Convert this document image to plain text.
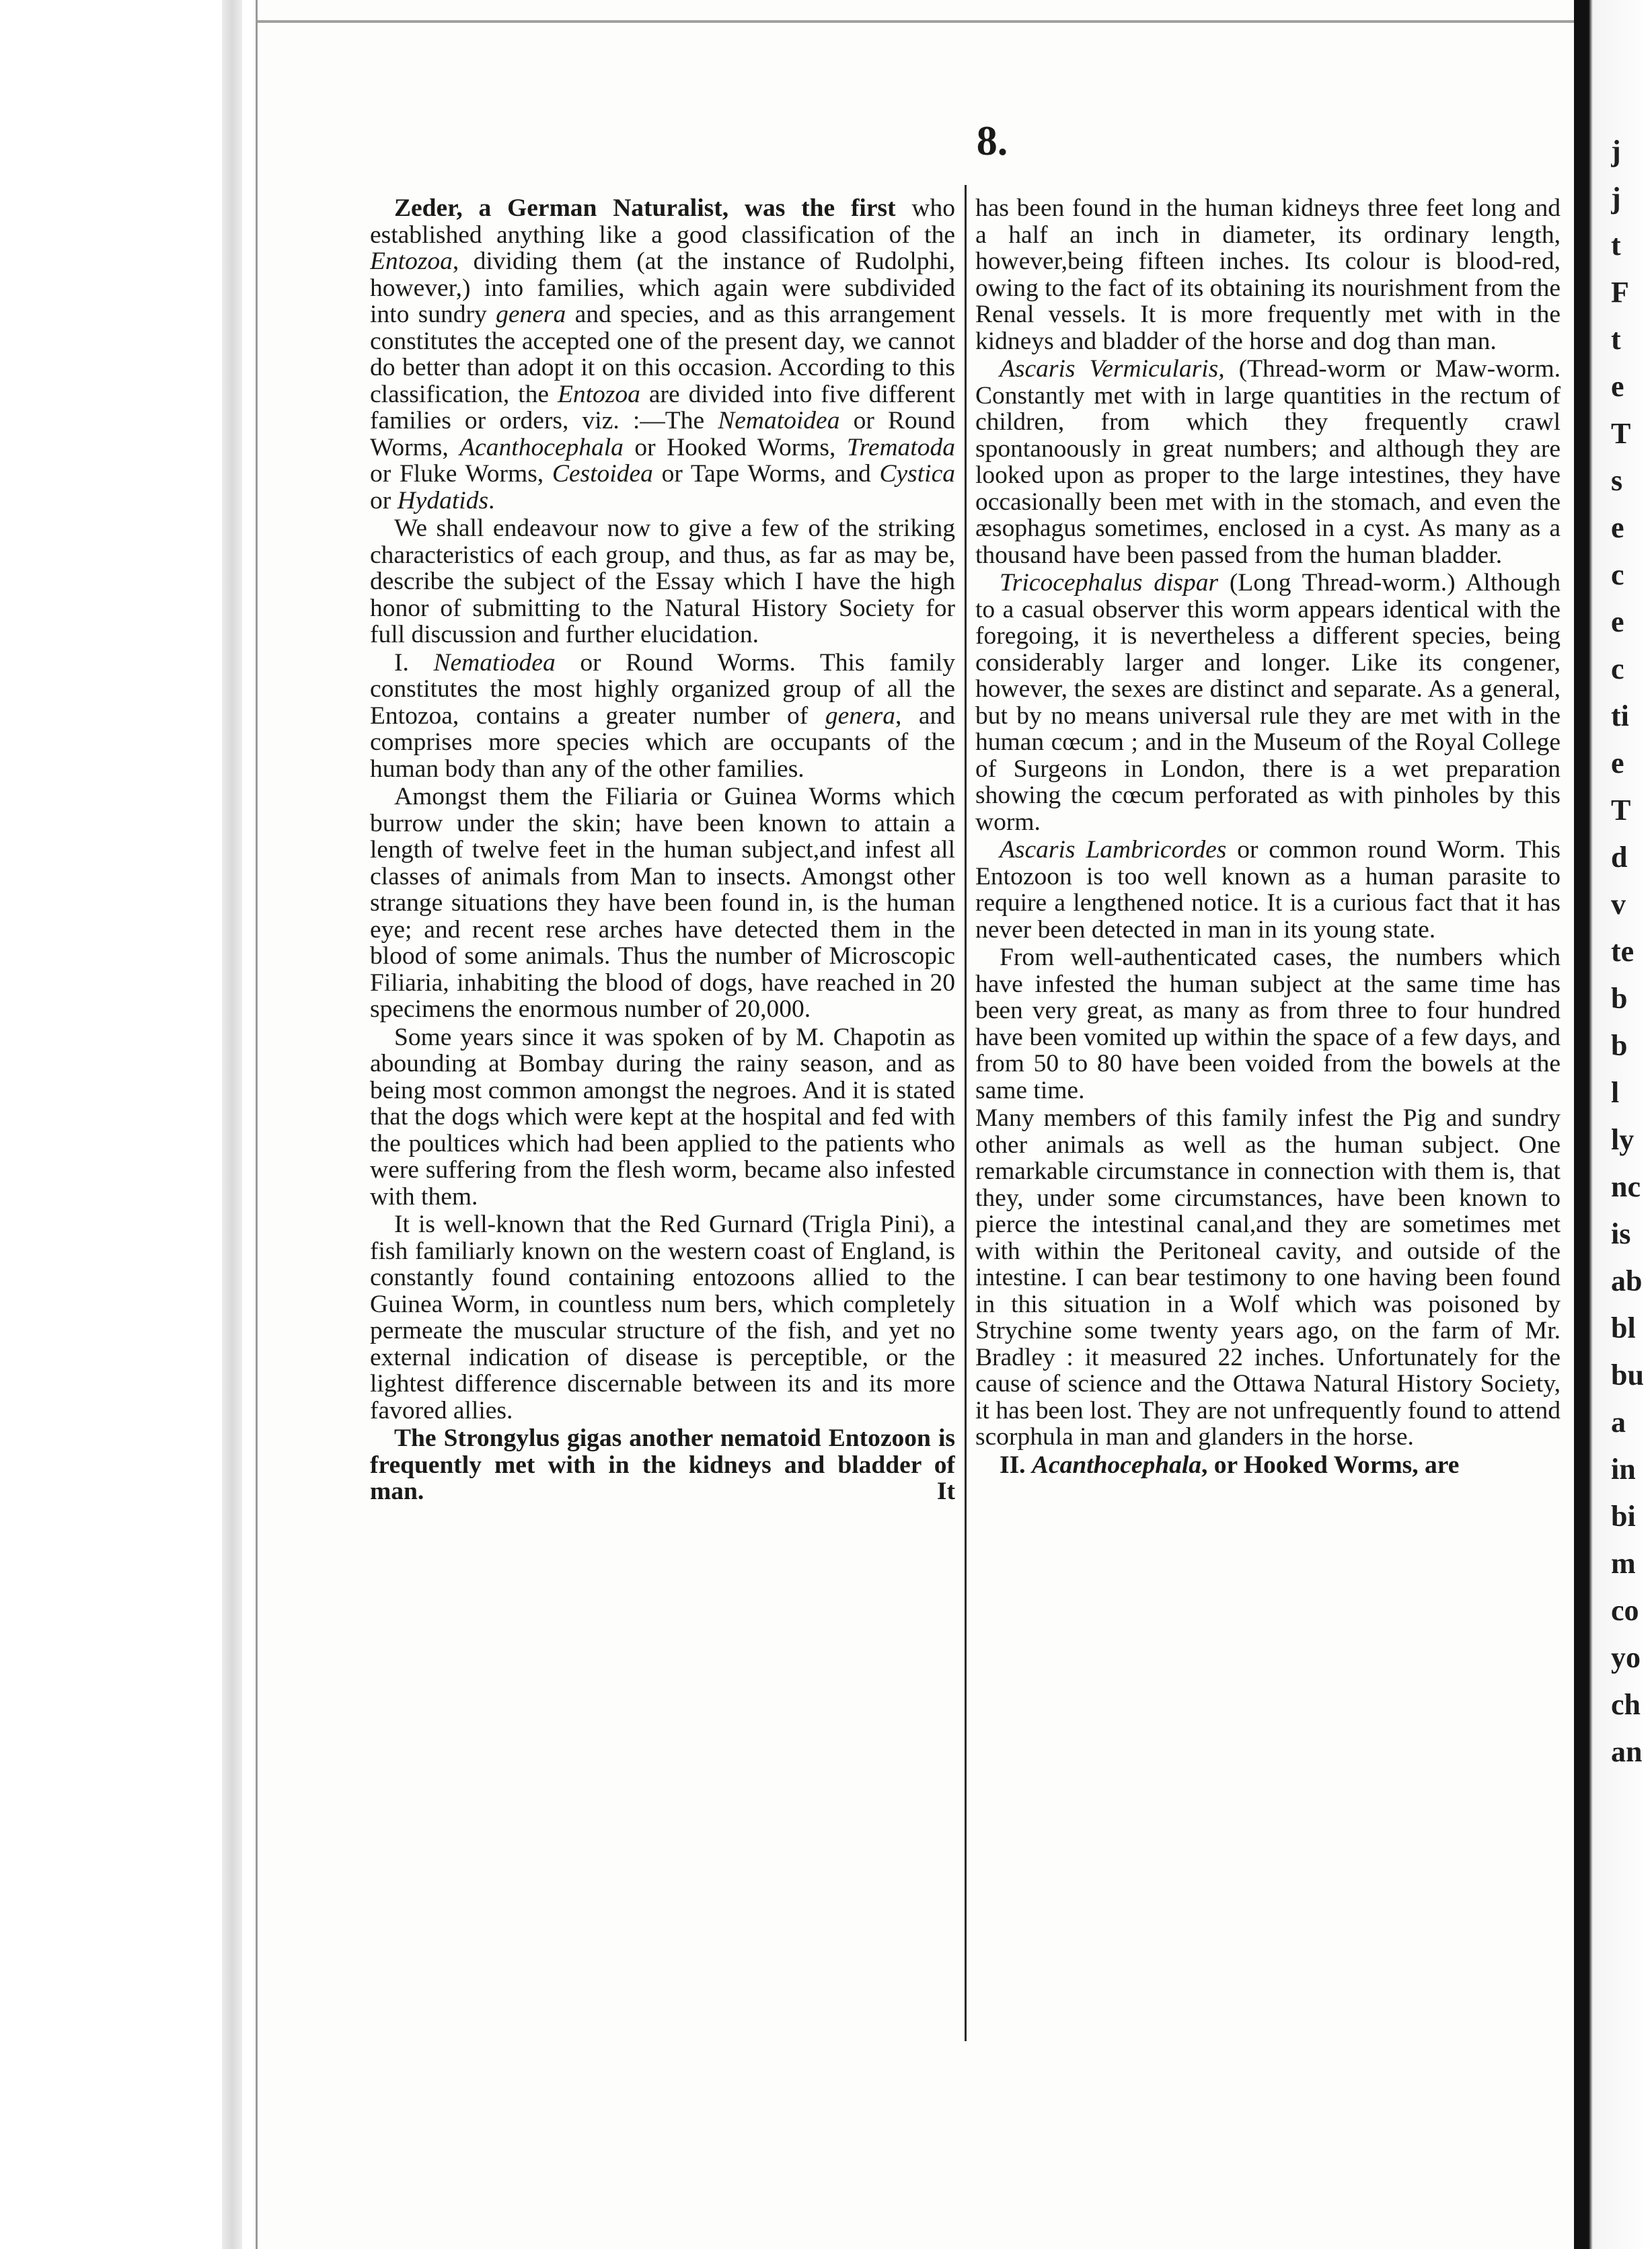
j
j
t
F
t
e
T
s
e
c
e
c
ti
e
T
d
v
te
b
b
l
ly
nc
is
ab
bl
bu
a
in
bi
m
co
yo
ch
an
8.

Zeder, a German Naturalist, was the first who established anything like a good classification of the Entozoa, dividing them (at the instance of Rudolphi, however,) into families, which again were subdivided into sundry genera and species, and as this arrangement constitutes the accepted one of the present day, we cannot do better than adopt it on this occasion. According to this classification, the Entozoa are divided into five different families or orders, viz. :—The Nematoidea or Round Worms, Acanthocephala or Hooked Worms, Trematoda or Fluke Worms, Cestoidea or Tape Worms, and Cystica or Hydatids.

We shall endeavour now to give a few of the striking characteristics of each group, and thus, as far as may be, describe the subject of the Essay which I have the high honor of submitting to the Natural History Society for full discussion and further elucidation.

I. Nematiodea or Round Worms. This family constitutes the most highly organized group of all the Entozoa, contains a greater number of genera, and comprises more species which are occupants of the human body than any of the other families.

Amongst them the Filiaria or Guinea Worms which burrow under the skin; have been known to attain a length of twelve feet in the human subject,and infest all classes of animals from Man to insects. Amongst other strange situations they have been found in, is the human eye; and recent rese arches have detected them in the blood of some animals. Thus the number of Microscopic Filiaria, inhabiting the blood of dogs, have reached in 20 specimens the enormous number of 20,000.

Some years since it was spoken of by M. Chapotin as abounding at Bombay during the rainy season, and as being most common amongst the negroes. And it is stated that the dogs which were kept at the hospital and fed with the poultices which had been applied to the patients who were suffering from the flesh worm, became also infested with them.

It is well-known that the Red Gurnard (Trigla Pini), a fish familiarly known on the western coast of England, is constantly found containing entozoons allied to the Guinea Worm, in countless num bers, which completely permeate the muscular structure of the fish, and yet no external indication of disease is perceptible, or the lightest difference discernable between its and its more favored allies.

The Strongylus gigas another nematoid Entozoon is frequently met with in the kidneys and bladder of man. It

has been found in the human kidneys three feet long and a half an inch in diameter, its ordinary length, however,being fifteen inches. Its colour is blood-red, owing to the fact of its obtaining its nourishment from the Renal vessels. It is more frequently met with in the kidneys and bladder of the horse and dog than man.

Ascaris Vermicularis, (Thread-worm or Maw-worm. Constantly met with in large quantities in the rectum of children, from which they frequently crawl spontanoously in great numbers; and although they are looked upon as proper to the large intestines, they have occasionally been met with in the stomach, and even the æsophagus sometimes, enclosed in a cyst. As many as a thousand have been passed from the human bladder.

Tricocephalus dispar (Long Thread-worm.) Although to a casual observer this worm appears identical with the foregoing, it is nevertheless a different species, being considerably larger and longer. Like its congener, however, the sexes are distinct and separate. As a general, but by no means universal rule they are met with in the human cœcum ; and in the Museum of the Royal College of Surgeons in London, there is a wet preparation showing the cœcum perforated as with pinholes by this worm.

Ascaris Lambricordes or common round Worm. This Entozoon is too well known as a human parasite to require a lengthened notice. It is a curious fact that it has never been detected in man in its young state.

From well-authenticated cases, the numbers which have infested the human subject at the same time has been very great, as many as from three to four hundred have been vomited up within the space of a few days, and from 50 to 80 have been voided from the bowels at the same time.

Many members of this family infest the Pig and sundry other animals as well as the human subject. One remarkable circumstance in connection with them is, that they, under some circumstances, have been known to pierce the intestinal canal,and they are sometimes met with within the Peritoneal cavity, and outside of the intestine. I can bear testimony to one having been found in this situation in a Wolf which was poisoned by Strychine some twenty years ago, on the farm of Mr. Bradley : it measured 22 inches. Unfortunately for the cause of science and the Ottawa Natural History Society, it has been lost. They are not unfrequently found to attend scorphula in man and glanders in the horse.

II. Acanthocephala, or Hooked Worms, are
